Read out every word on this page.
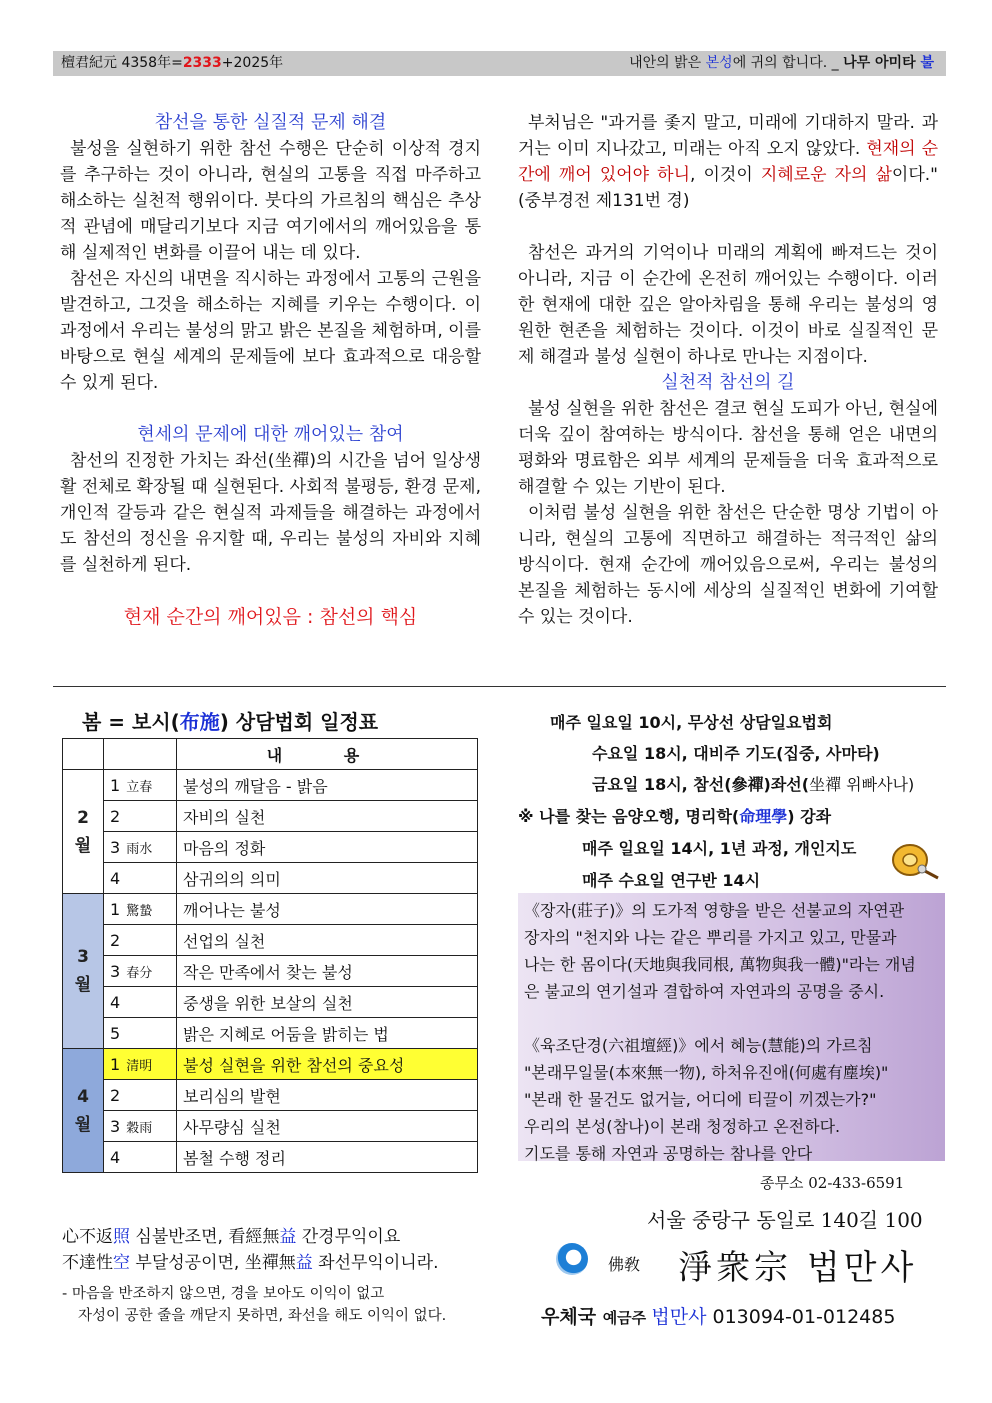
檀君紀元 4358年=2333+2025年	내안의 밝은 본성에 귀의 합니다. _ 나무 아미타 불

참선을 통한 실질적 문제 해결

불성을 실현하기 위한 참선 수행은 단순히 이상적 경지를 추구하는 것이 아니라, 현실의 고통을 직접 마주하고 해소하는 실천적 행위이다. 붓다의 가르침의 핵심은 추상적 관념에 매달리기보다 지금 여기에서의 깨어있음을 통해 실제적인 변화를 이끌어 내는 데 있다.

참선은 자신의 내면을 직시하는 과정에서 고통의 근원을 발견하고, 그것을 해소하는 지혜를 키우는 수행이다. 이 과정에서 우리는 불성의 맑고 밝은 본질을 체험하며, 이를 바탕으로 현실 세계의 문제들에 보다 효과적으로 대응할 수 있게 된다.

현세의 문제에 대한 깨어있는 참여

참선의 진정한 가치는 좌선(坐禪)의 시간을 넘어 일상생활 전체로 확장될 때 실현된다. 사회적 불평등, 환경 문제, 개인적 갈등과 같은 현실적 과제들을 해결하는 과정에서도 참선의 정신을 유지할 때, 우리는 불성의 자비와 지혜를 실천하게 된다.

현재 순간의 깨어있음 : 참선의 핵심

부처님은 "과거를 좇지 말고, 미래에 기대하지 말라. 과거는 이미 지나갔고, 미래는 아직 오지 않았다. 현재의 순간에 깨어 있어야 하니, 이것이 지혜로운 자의 삶이다."(중부경전 제131번 경)

참선은 과거의 기억이나 미래의 계획에 빠져드는 것이 아니라, 지금 이 순간에 온전히 깨어있는 수행이다. 이러한 현재에 대한 깊은 알아차림을 통해 우리는 불성의 영원한 현존을 체험하는 것이다. 이것이 바로 실질적인 문제 해결과 불성 실현이 하나로 만나는 지점이다.

실천적 참선의 길

불성 실현을 위한 참선은 결코 현실 도피가 아닌, 현실에 더욱 깊이 참여하는 방식이다. 참선을 통해 얻은 내면의 평화와 명료함은 외부 세계의 문제들을 더욱 효과적으로 해결할 수 있는 기반이 된다.

이처럼 불성 실현을 위한 참선은 단순한 명상 기법이 아니라, 현실의 고통에 직면하고 해결하는 적극적인 삶의 방식이다. 현재 순간에 깨어있음으로써, 우리는 불성의 본질을 체험하는 동시에 세상의 실질적인 변화에 기여할 수 있는 것이다.

봄 = 보시(布施) 상담법회 일정표
		내 용
2
월	1 立春	불성의 깨달음 - 밝음
	2	자비의 실천
	3 雨水	마음의 정화
	4	삼귀의의 의미
3
월	1 驚蟄	깨어나는 불성
	2	선업의 실천
	3 春分	작은 만족에서 찾는 불성
	4	중생을 위한 보살의 실천
	5	밝은 지혜로 어둠을 밝히는 법
4
월	1 清明	불성 실현을 위한 참선의 중요성
	2	보리심의 발현
	3 穀雨	사무량심 실천
	4	봄철 수행 정리
매주 일요일 10시, 무상선 상담일요법회
수요일 18시, 대비주 기도(집중, 사마타)
금요일 18시, 참선(參禪)좌선(坐禪 위빠사나)
※ 나를 찾는 음양오행, 명리학(命理學) 강좌
매주 일요일 14시, 1년 과정, 개인지도
매주 수요일 연구반 14시
《장자(莊子)》의 도가적 영향을 받은 선불교의 자연관
장자의 "천지와 나는 같은 뿌리를 가지고 있고, 만물과
나는 한 몸이다(天地與我同根, 萬物與我一體)"라는 개념
은 불교의 연기설과 결합하여 자연과의 공명을 중시.
《육조단경(六祖壇經)》에서 혜능(慧能)의 가르침
"본래무일물(本來無一物), 하처유진애(何處有塵埃)"
"본래 한 물건도 없거늘, 어디에 티끌이 끼겠는가?"
우리의 본성(참나)이 본래 청정하고 온전하다.
기도를 통해 자연과 공명하는 참나를 안다
종무소 02-433-6591
서울 중랑구 동일로 140길 100
佛敎 淨衆宗 법만사
우체국 예금주 법만사 013094-01-012485
心不返照 심불반조면, 看經無益 간경무익이요
不達性空 부달성공이면, 坐禪無益 좌선무익이니라.
- 마음을 반조하지 않으면, 경을 보아도 이익이 없고
자성이 공한 줄을 깨닫지 못하면, 좌선을 해도 이익이 없다.
